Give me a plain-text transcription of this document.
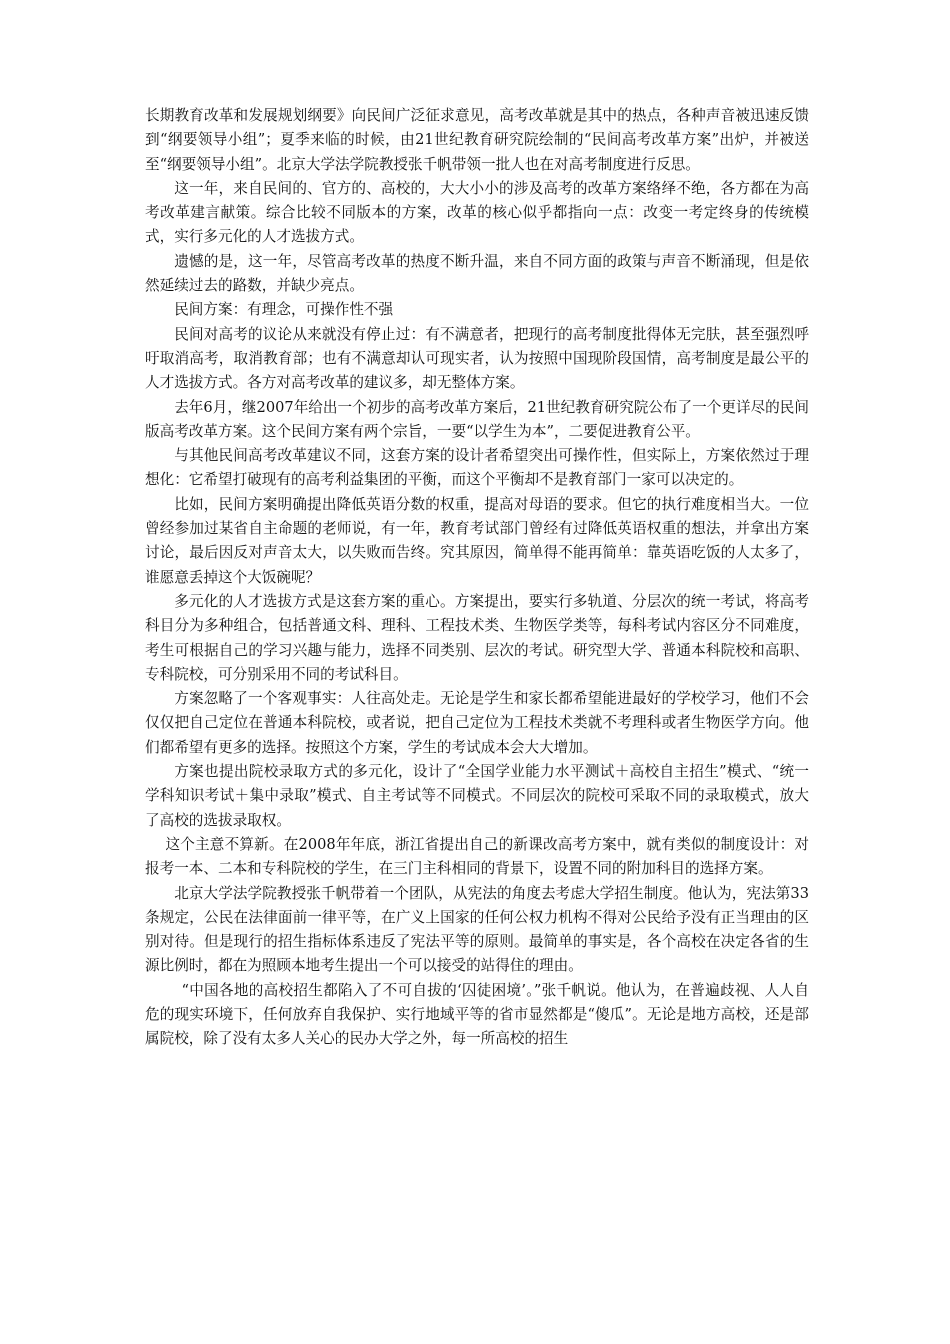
长期教育改革和发展规划纲要》向民间广泛征求意见，高考改革就是其中的热点，各种声音被迅速反馈到“纲要领导小组”；夏季来临的时候，由21世纪教育研究院绘制的“民间高考改革方案”出炉，并被送至“纲要领导小组”。北京大学法学院教授张千帆带领一批人也在对高考制度进行反思。

这一年，来自民间的、官方的、高校的，大大小小的涉及高考的改革方案络绎不绝，各方都在为高考改革建言献策。综合比较不同版本的方案，改革的核心似乎都指向一点：改变一考定终身的传统模式，实行多元化的人才选拔方式。

遗憾的是，这一年，尽管高考改革的热度不断升温，来自不同方面的政策与声音不断涌现，但是依然延续过去的路数，并缺少亮点。

民间方案：有理念，可操作性不强

民间对高考的议论从来就没有停止过：有不满意者，把现行的高考制度批得体无完肤，甚至强烈呼吁取消高考，取消教育部；也有不满意却认可现实者，认为按照中国现阶段国情，高考制度是最公平的人才选拔方式。各方对高考改革的建议多，却无整体方案。

去年6月，继2007年给出一个初步的高考改革方案后，21世纪教育研究院公布了一个更详尽的民间版高考改革方案。这个民间方案有两个宗旨，一要“以学生为本”，二要促进教育公平。

与其他民间高考改革建议不同，这套方案的设计者希望突出可操作性，但实际上，方案依然过于理想化：它希望打破现有的高考利益集团的平衡，而这个平衡却不是教育部门一家可以决定的。

比如，民间方案明确提出降低英语分数的权重，提高对母语的要求。但它的执行难度相当大。一位曾经参加过某省自主命题的老师说，有一年，教育考试部门曾经有过降低英语权重的想法，并拿出方案讨论，最后因反对声音太大，以失败而告终。究其原因，简单得不能再简单：靠英语吃饭的人太多了，谁愿意丢掉这个大饭碗呢？

多元化的人才选拔方式是这套方案的重心。方案提出，要实行多轨道、分层次的统一考试，将高考科目分为多种组合，包括普通文科、理科、工程技术类、生物医学类等，每科考试内容区分不同难度，考生可根据自己的学习兴趣与能力，选择不同类别、层次的考试。研究型大学、普通本科院校和高职、专科院校，可分别采用不同的考试科目。

方案忽略了一个客观事实：人往高处走。无论是学生和家长都希望能进最好的学校学习，他们不会仅仅把自己定位在普通本科院校，或者说，把自己定位为工程技术类就不考理科或者生物医学方向。他们都希望有更多的选择。按照这个方案，学生的考试成本会大大增加。

方案也提出院校录取方式的多元化，设计了“全国学业能力水平测试＋高校自主招生”模式、“统一学科知识考试＋集中录取”模式、自主考试等不同模式。不同层次的院校可采取不同的录取模式，放大了高校的选拔录取权。

这个主意不算新。在2008年年底，浙江省提出自己的新课改高考方案中，就有类似的制度设计：对报考一本、二本和专科院校的学生，在三门主科相同的背景下，设置不同的附加科目的选择方案。

北京大学法学院教授张千帆带着一个团队，从宪法的角度去考虑大学招生制度。他认为，宪法第33条规定，公民在法律面前一律平等，在广义上国家的任何公权力机构不得对公民给予没有正当理由的区别对待。但是现行的招生指标体系违反了宪法平等的原则。最简单的事实是，各个高校在决定各省的生源比例时，都在为照顾本地考生提出一个可以接受的站得住的理由。

“中国各地的高校招生都陷入了不可自拔的‘囚徒困境’。”张千帆说。他认为，在普遍歧视、人人自危的现实环境下，任何放弃自我保护、实行地域平等的省市显然都是“傻瓜”。无论是地方高校，还是部属院校，除了没有太多人关心的民办大学之外，每一所高校的招生
